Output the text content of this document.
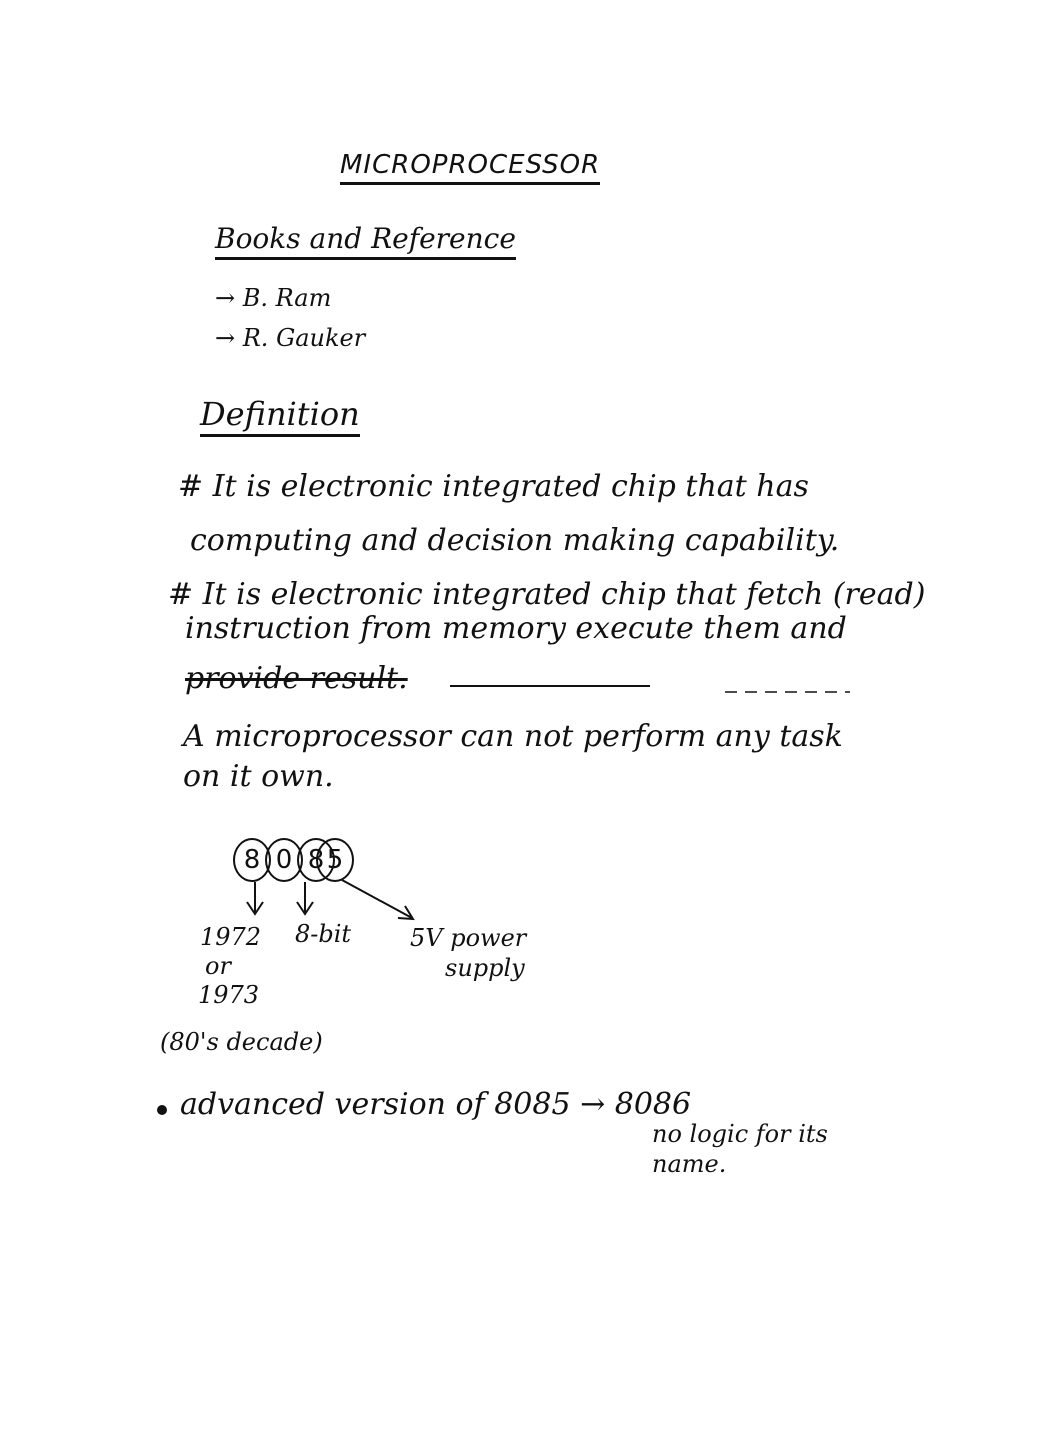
MICROPROCESSOR
Books and Reference
→ B. Ram
→ R. Gauker
Definition
# It is electronic integrated chip that has
computing and decision making capability.
# It is electronic integrated chip that fetch (read)
instruction from memory execute them and
provide result.
A microprocessor can not perform any task
on it own.
8 0 8 5
1972
or
1973
8-bit 5V power
supply
(80's decade)
advanced version of 8085 → 8086
no logic for its
name.
